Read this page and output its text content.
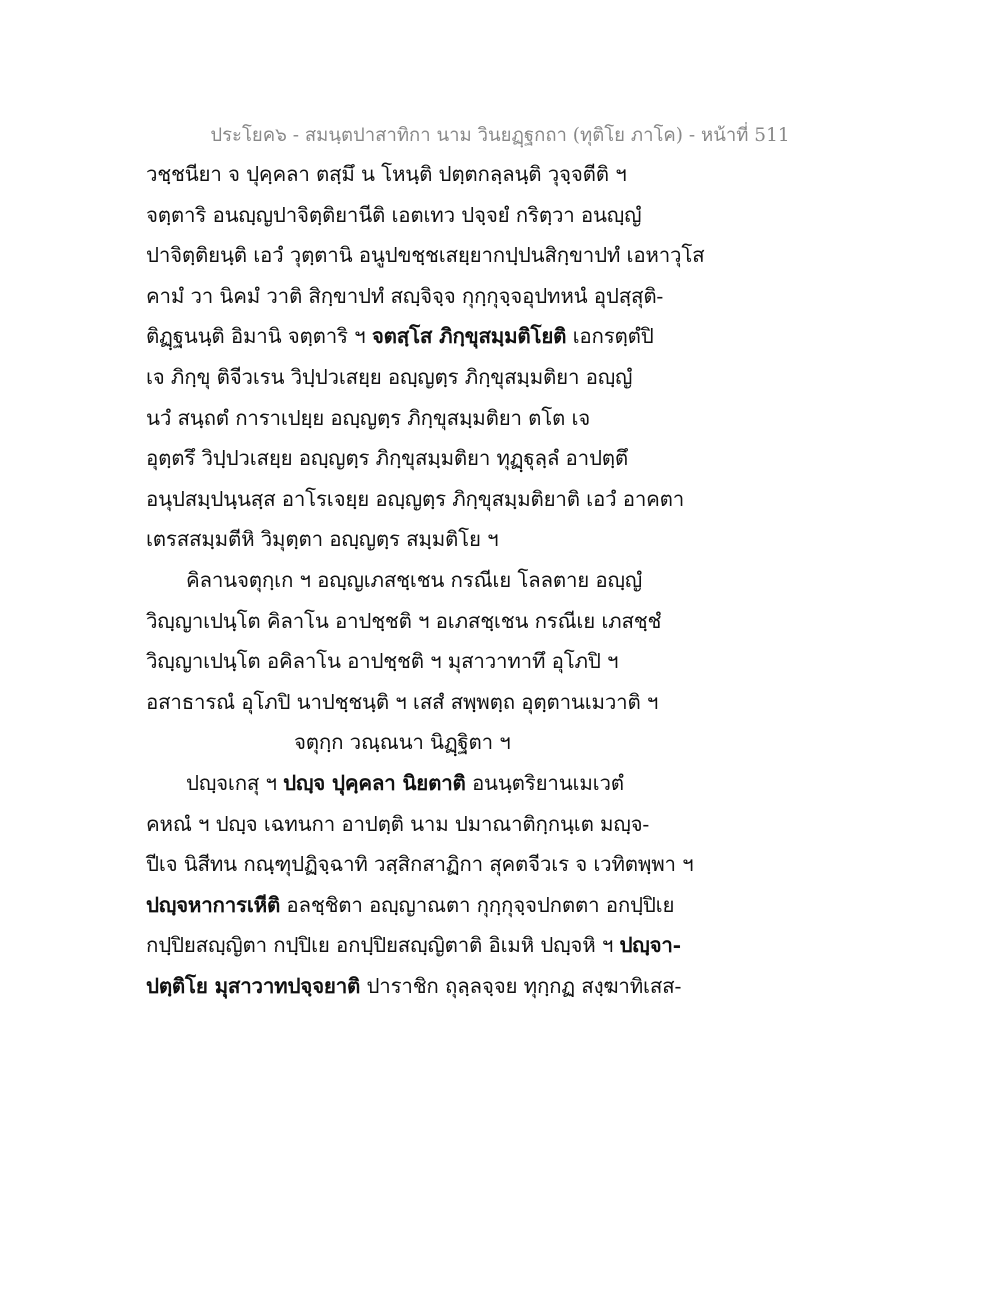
ประโยค๖ - สมนฺตปาสาทิกา นาม วินยฏฺฐกถา (ทุติโย ภาโค) - หน้าที่ 511
วชฺชนียา จ ปุคฺคลา ตสฺมึ น โหนฺติ ปตฺตกลฺลนฺติ วุจฺจตีติ ฯ
จตฺตาริ อนญฺญปาจิตฺติยานีติ เอตเทว ปจฺจยํ กริตฺวา อนญฺญํ
ปาจิตฺติยนฺติ เอวํ วุตฺตานิ อนูปขชฺชเสยฺยากปฺปนสิกฺขาปทํ เอหาวุโส
คามํ วา นิคมํ วาติ สิกฺขาปทํ สญฺจิจฺจ กุกฺกุจฺจอุปทหนํ อุปสฺสุติ-
ติฏฺฐนนฺติ อิมานิ จตฺตาริ ฯ จตสฺโส ภิกฺขุสมฺมติโยติ เอกรตฺตํปิ
เจ ภิกฺขุ ติจีวเรน วิปฺปวเสยฺย อญฺญตฺร ภิกฺขุสมฺมติยา อญฺญํ
นวํ สนฺถตํ การาเปยฺย อญฺญตฺร ภิกฺขุสมฺมติยา ตโต เจ
อุตฺตรึ วิปฺปวเสยฺย อญฺญตฺร ภิกฺขุสมฺมติยา ทุฏฺฐุลฺลํ อาปตฺตึ
อนุปสมฺปนฺนสฺส อาโรเจยฺย อญฺญตฺร ภิกฺขุสมฺมติยาติ เอวํ อาคตา
เตรสสมฺมตีหิ วิมุตฺตา อญฺญตฺร สมฺมติโย ฯ
คิลานจตุกฺเก ฯ อญฺญเภสชฺเชน กรณีเย โลลตาย อญฺญํ
วิญฺญาเปนฺโต คิลาโน อาปชฺชติ ฯ อเภสชฺเชน กรณีเย เภสชฺชํ
วิญฺญาเปนฺโต อคิลาโน อาปชฺชติ ฯ มุสาวาทาทึ อุโภปิ ฯ
อสาธารณํ อุโภปิ นาปชฺชนฺติ ฯ เสสํ สพฺพตฺถ อุตฺตานเมวาติ ฯ
จตุกฺก วณฺณนา นิฏฺฐิตา ฯ
ปญฺจเกสุ ฯ ปญฺจ ปุคฺคลา นิยตาติ อนนฺตริยานเมเวตํ
คหณํ ฯ ปญฺจ เฉทนกา อาปตฺติ นาม ปมาณาติกฺกนฺเต มญฺจ-
ปีเจ นิสีทน กณฺฑุปฏิจฺฉาทิ วสฺสิกสาฏิกา สุคตจีวเร จ เวทิตพฺพา ฯ
ปญฺจหาการเหีติ อลชฺชิตา อญฺญาณตา กุกฺกุจฺจปกตตา อกปฺปิเย
กปฺปิยสญฺญิตา กปฺปิเย อกปฺปิยสญฺญิตาติ อิเมหิ ปญฺจหิ ฯ ปญฺจา-
ปตฺติโย มุสาวาทปจฺจยาติ ปาราชิก ถุลฺลจฺจย ทุกฺกฏ สงฺฆาทิเสส-
